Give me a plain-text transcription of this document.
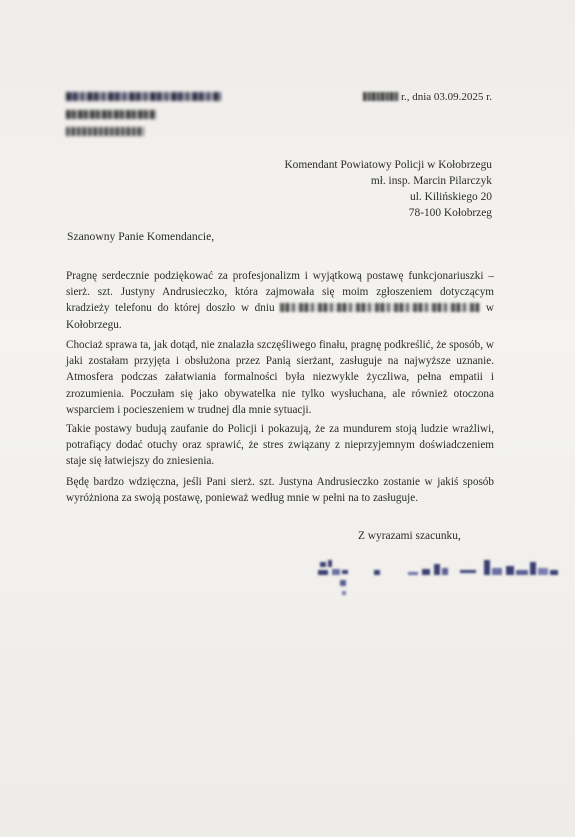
r., dnia 03.09.2025 r.
Komendant Powiatowy Policji w Kołobrzegu
mł. insp. Marcin Pilarczyk
ul. Kilińskiego 20
78-100 Kołobrzeg
Szanowny Panie Komendancie,
Pragnę serdecznie podziękować za profesjonalizm i wyjątkową postawę funkcjonariuszki – sierż. szt. Justyny Andrusieczko, która zajmowała się moim zgłoszeniem dotyczącym kradzieży telefonu do której doszło w dniu	w Kołobrzegu.
Chociaż sprawa ta, jak dotąd, nie znalazła szczęśliwego finału, pragnę podkreślić, że sposób, w jaki zostałam przyjęta i obsłużona przez Panią sierżant, zasługuje na najwyższe uznanie. Atmosfera podczas załatwiania formalności była niezwykle życzliwa, pełna empatii i zrozumienia. Poczułam się jako obywatelka nie tylko wysłuchana, ale również otoczona wsparciem i pocieszeniem w trudnej dla mnie sytuacji.
Takie postawy budują zaufanie do Policji i pokazują, że za mundurem stoją ludzie wrażliwi, potrafiący dodać otuchy oraz sprawić, że stres związany z nieprzyjemnym doświadczeniem staje się łatwiejszy do zniesienia.
Będę bardzo wdzięczna, jeśli Pani sierż. szt. Justyna Andrusieczko zostanie w jakiś sposób wyróżniona za swoją postawę, ponieważ według mnie w pełni na to zasługuje.
Z wyrazami szacunku,
